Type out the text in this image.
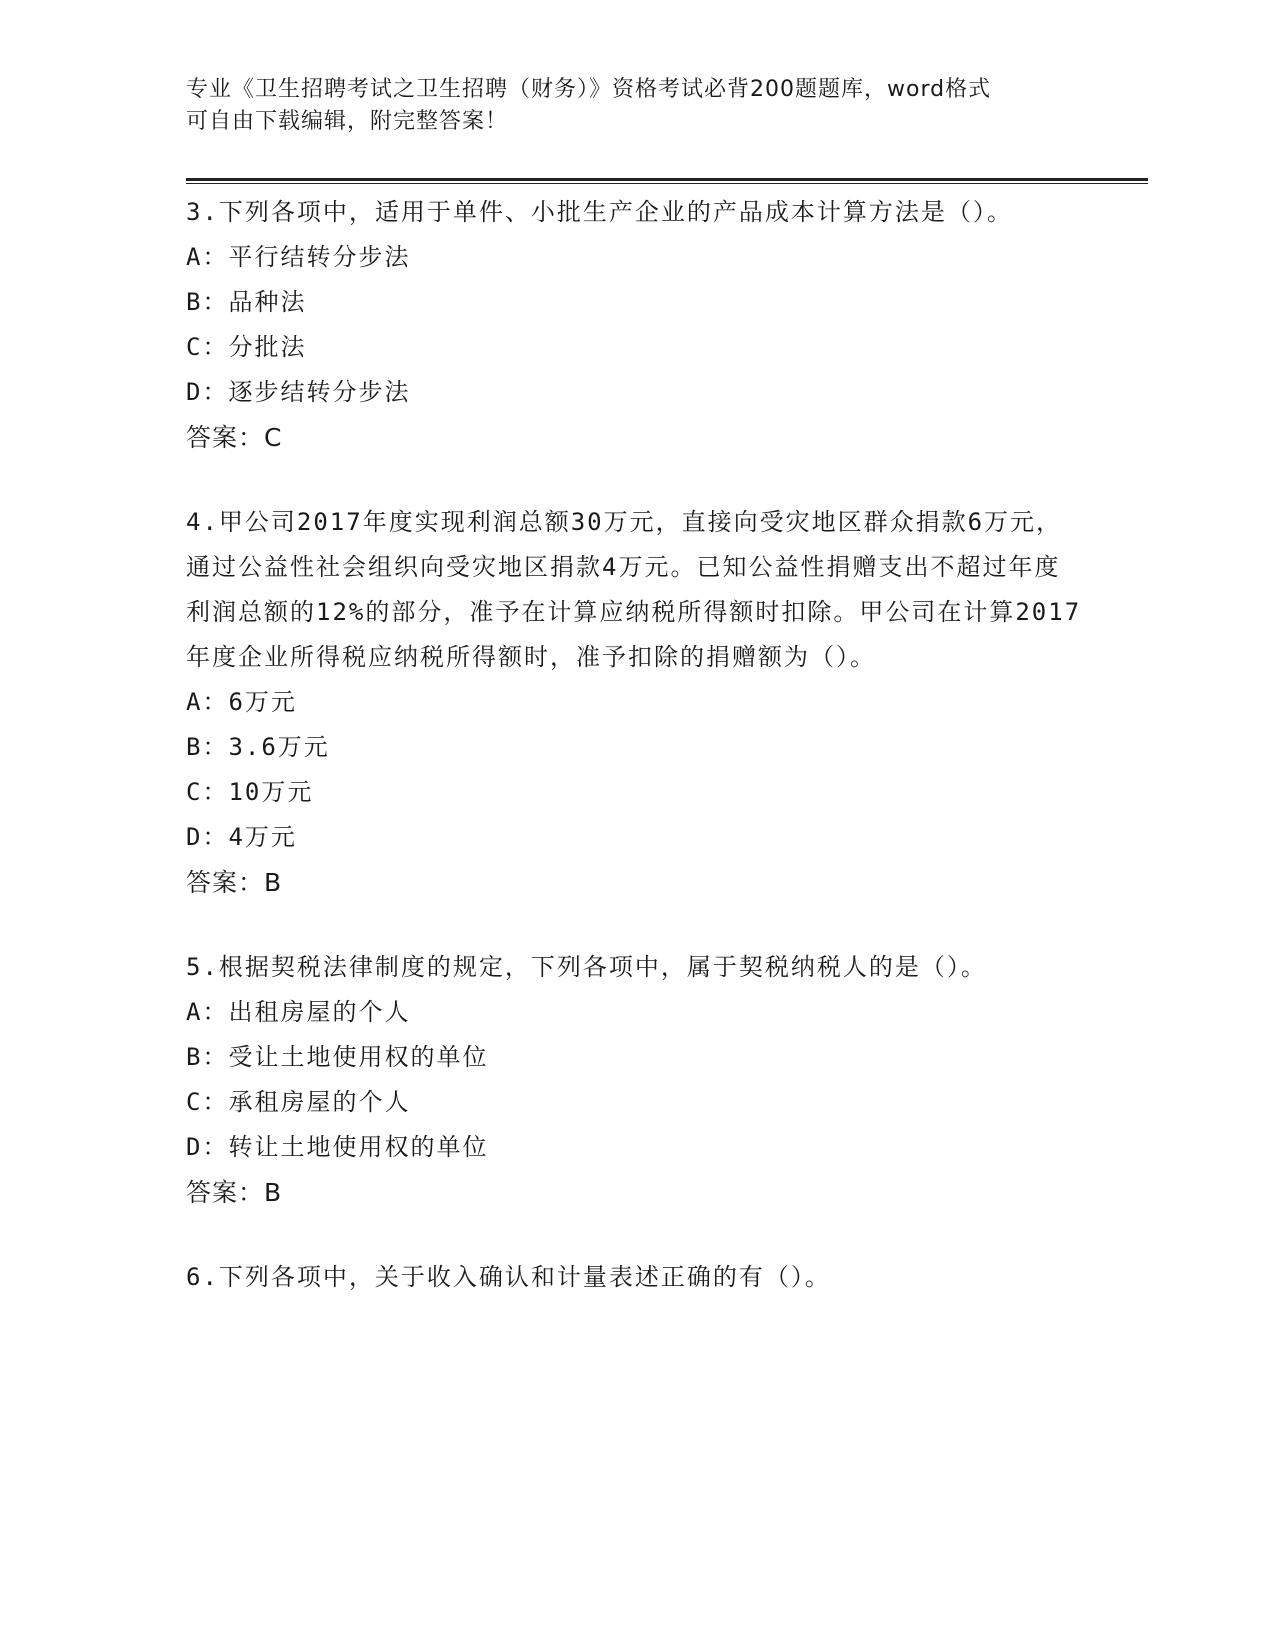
专业《卫生招聘考试之卫生招聘（财务）》资格考试必背200题题库，word格式
可自由下载编辑，附完整答案！

3.下列各项中，适用于单件、小批生产企业的产品成本计算方法是（）。

A：平行结转分步法

B：品种法

C：分批法

D：逐步结转分步法

答案：C

4.甲公司2017年度实现利润总额30万元，直接向受灾地区群众捐款6万元，通过公益性社会组织向受灾地区捐款4万元。已知公益性捐赠支出不超过年度利润总额的12%的部分，准予在计算应纳税所得额时扣除。甲公司在计算2017年度企业所得税应纳税所得额时，准予扣除的捐赠额为（）。

A：6万元

B：3.6万元

C：10万元

D：4万元

答案：B

5.根据契税法律制度的规定，下列各项中，属于契税纳税人的是（）。

A：出租房屋的个人

B：受让土地使用权的单位

C：承租房屋的个人

D：转让土地使用权的单位

答案：B

6.下列各项中，关于收入确认和计量表述正确的有（）。
